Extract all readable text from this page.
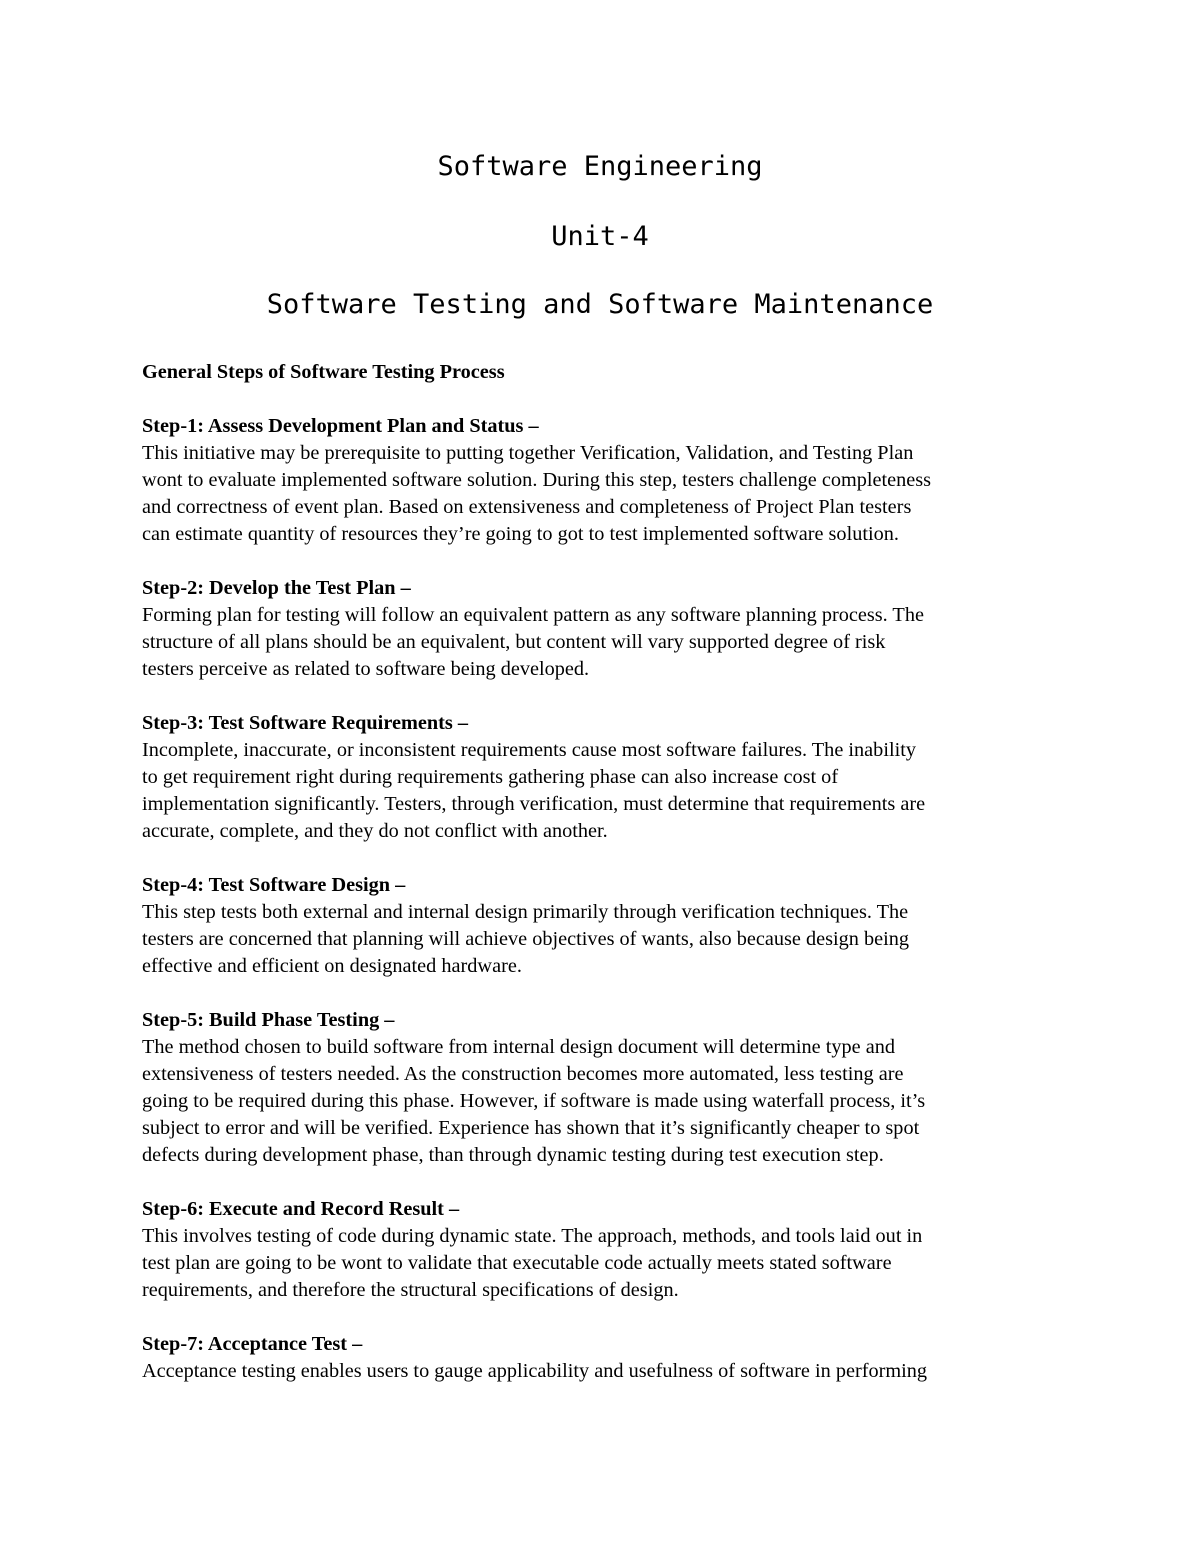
Software Engineering
Unit-4
Software Testing and Software Maintenance

General Steps of Software Testing Process

Step-1: Assess Development Plan and Status –

This initiative may be prerequisite to putting together Verification, Validation, and Testing Plan
wont to evaluate implemented software solution. During this step, testers challenge completeness
and correctness of event plan. Based on extensiveness and completeness of Project Plan testers
can estimate quantity of resources they’re going to got to test implemented software solution.

Step-2: Develop the Test Plan –

Forming plan for testing will follow an equivalent pattern as any software planning process. The
structure of all plans should be an equivalent, but content will vary supported degree of risk
testers perceive as related to software being developed.

Step-3: Test Software Requirements –

Incomplete, inaccurate, or inconsistent requirements cause most software failures. The inability
to get requirement right during requirements gathering phase can also increase cost of
implementation significantly. Testers, through verification, must determine that requirements are
accurate, complete, and they do not conflict with another.

Step-4: Test Software Design –

This step tests both external and internal design primarily through verification techniques. The
testers are concerned that planning will achieve objectives of wants, also because design being
effective and efficient on designated hardware.

Step-5: Build Phase Testing –

The method chosen to build software from internal design document will determine type and
extensiveness of testers needed. As the construction becomes more automated, less testing are
going to be required during this phase. However, if software is made using waterfall process, it’s
subject to error and will be verified. Experience has shown that it’s significantly cheaper to spot
defects during development phase, than through dynamic testing during test execution step.

Step-6: Execute and Record Result –

This involves testing of code during dynamic state. The approach, methods, and tools laid out in
test plan are going to be wont to validate that executable code actually meets stated software
requirements, and therefore the structural specifications of design.

Step-7: Acceptance Test –

Acceptance testing enables users to gauge applicability and usefulness of software in performing
